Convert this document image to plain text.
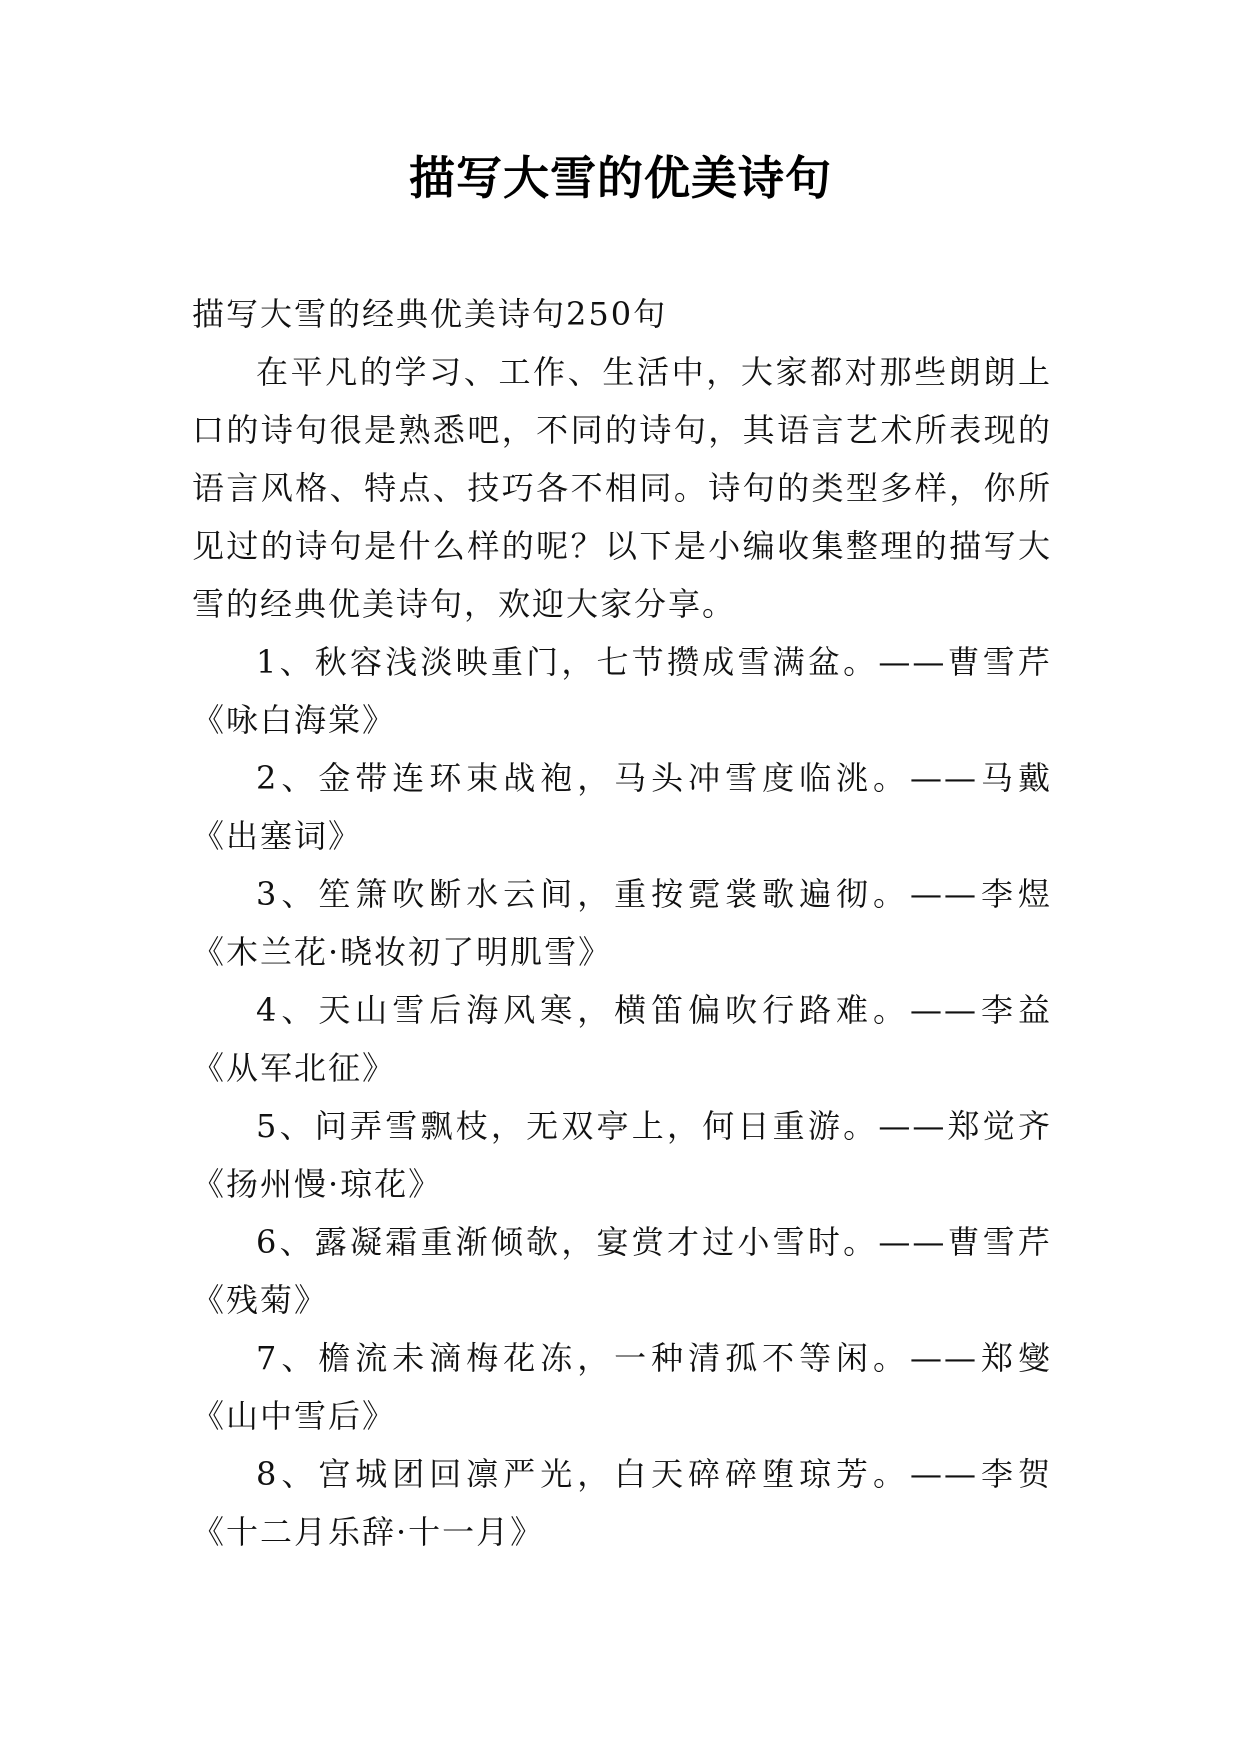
描写大雪的优美诗句

描写大雪的经典优美诗句250句

在平凡的学习、工作、生活中，大家都对那些朗朗上口的诗句很是熟悉吧，不同的诗句，其语言艺术所表现的语言风格、特点、技巧各不相同。诗句的类型多样，你所见过的诗句是什么样的呢？以下是小编收集整理的描写大雪的经典优美诗句，欢迎大家分享。

1、秋容浅淡映重门，七节攒成雪满盆。——曹雪芹《咏白海棠》

2、金带连环束战袍，马头冲雪度临洮。——马戴《出塞词》

3、笙箫吹断水云间，重按霓裳歌遍彻。——李煜《木兰花·晓妆初了明肌雪》

4、天山雪后海风寒，横笛偏吹行路难。——李益《从军北征》

5、问弄雪飘枝，无双亭上，何日重游。——郑觉齐《扬州慢·琼花》

6、露凝霜重渐倾欹，宴赏才过小雪时。——曹雪芹《残菊》

7、檐流未滴梅花冻，一种清孤不等闲。——郑燮《山中雪后》

8、宫城团回凛严光，白天碎碎堕琼芳。——李贺《十二月乐辞·十一月》
